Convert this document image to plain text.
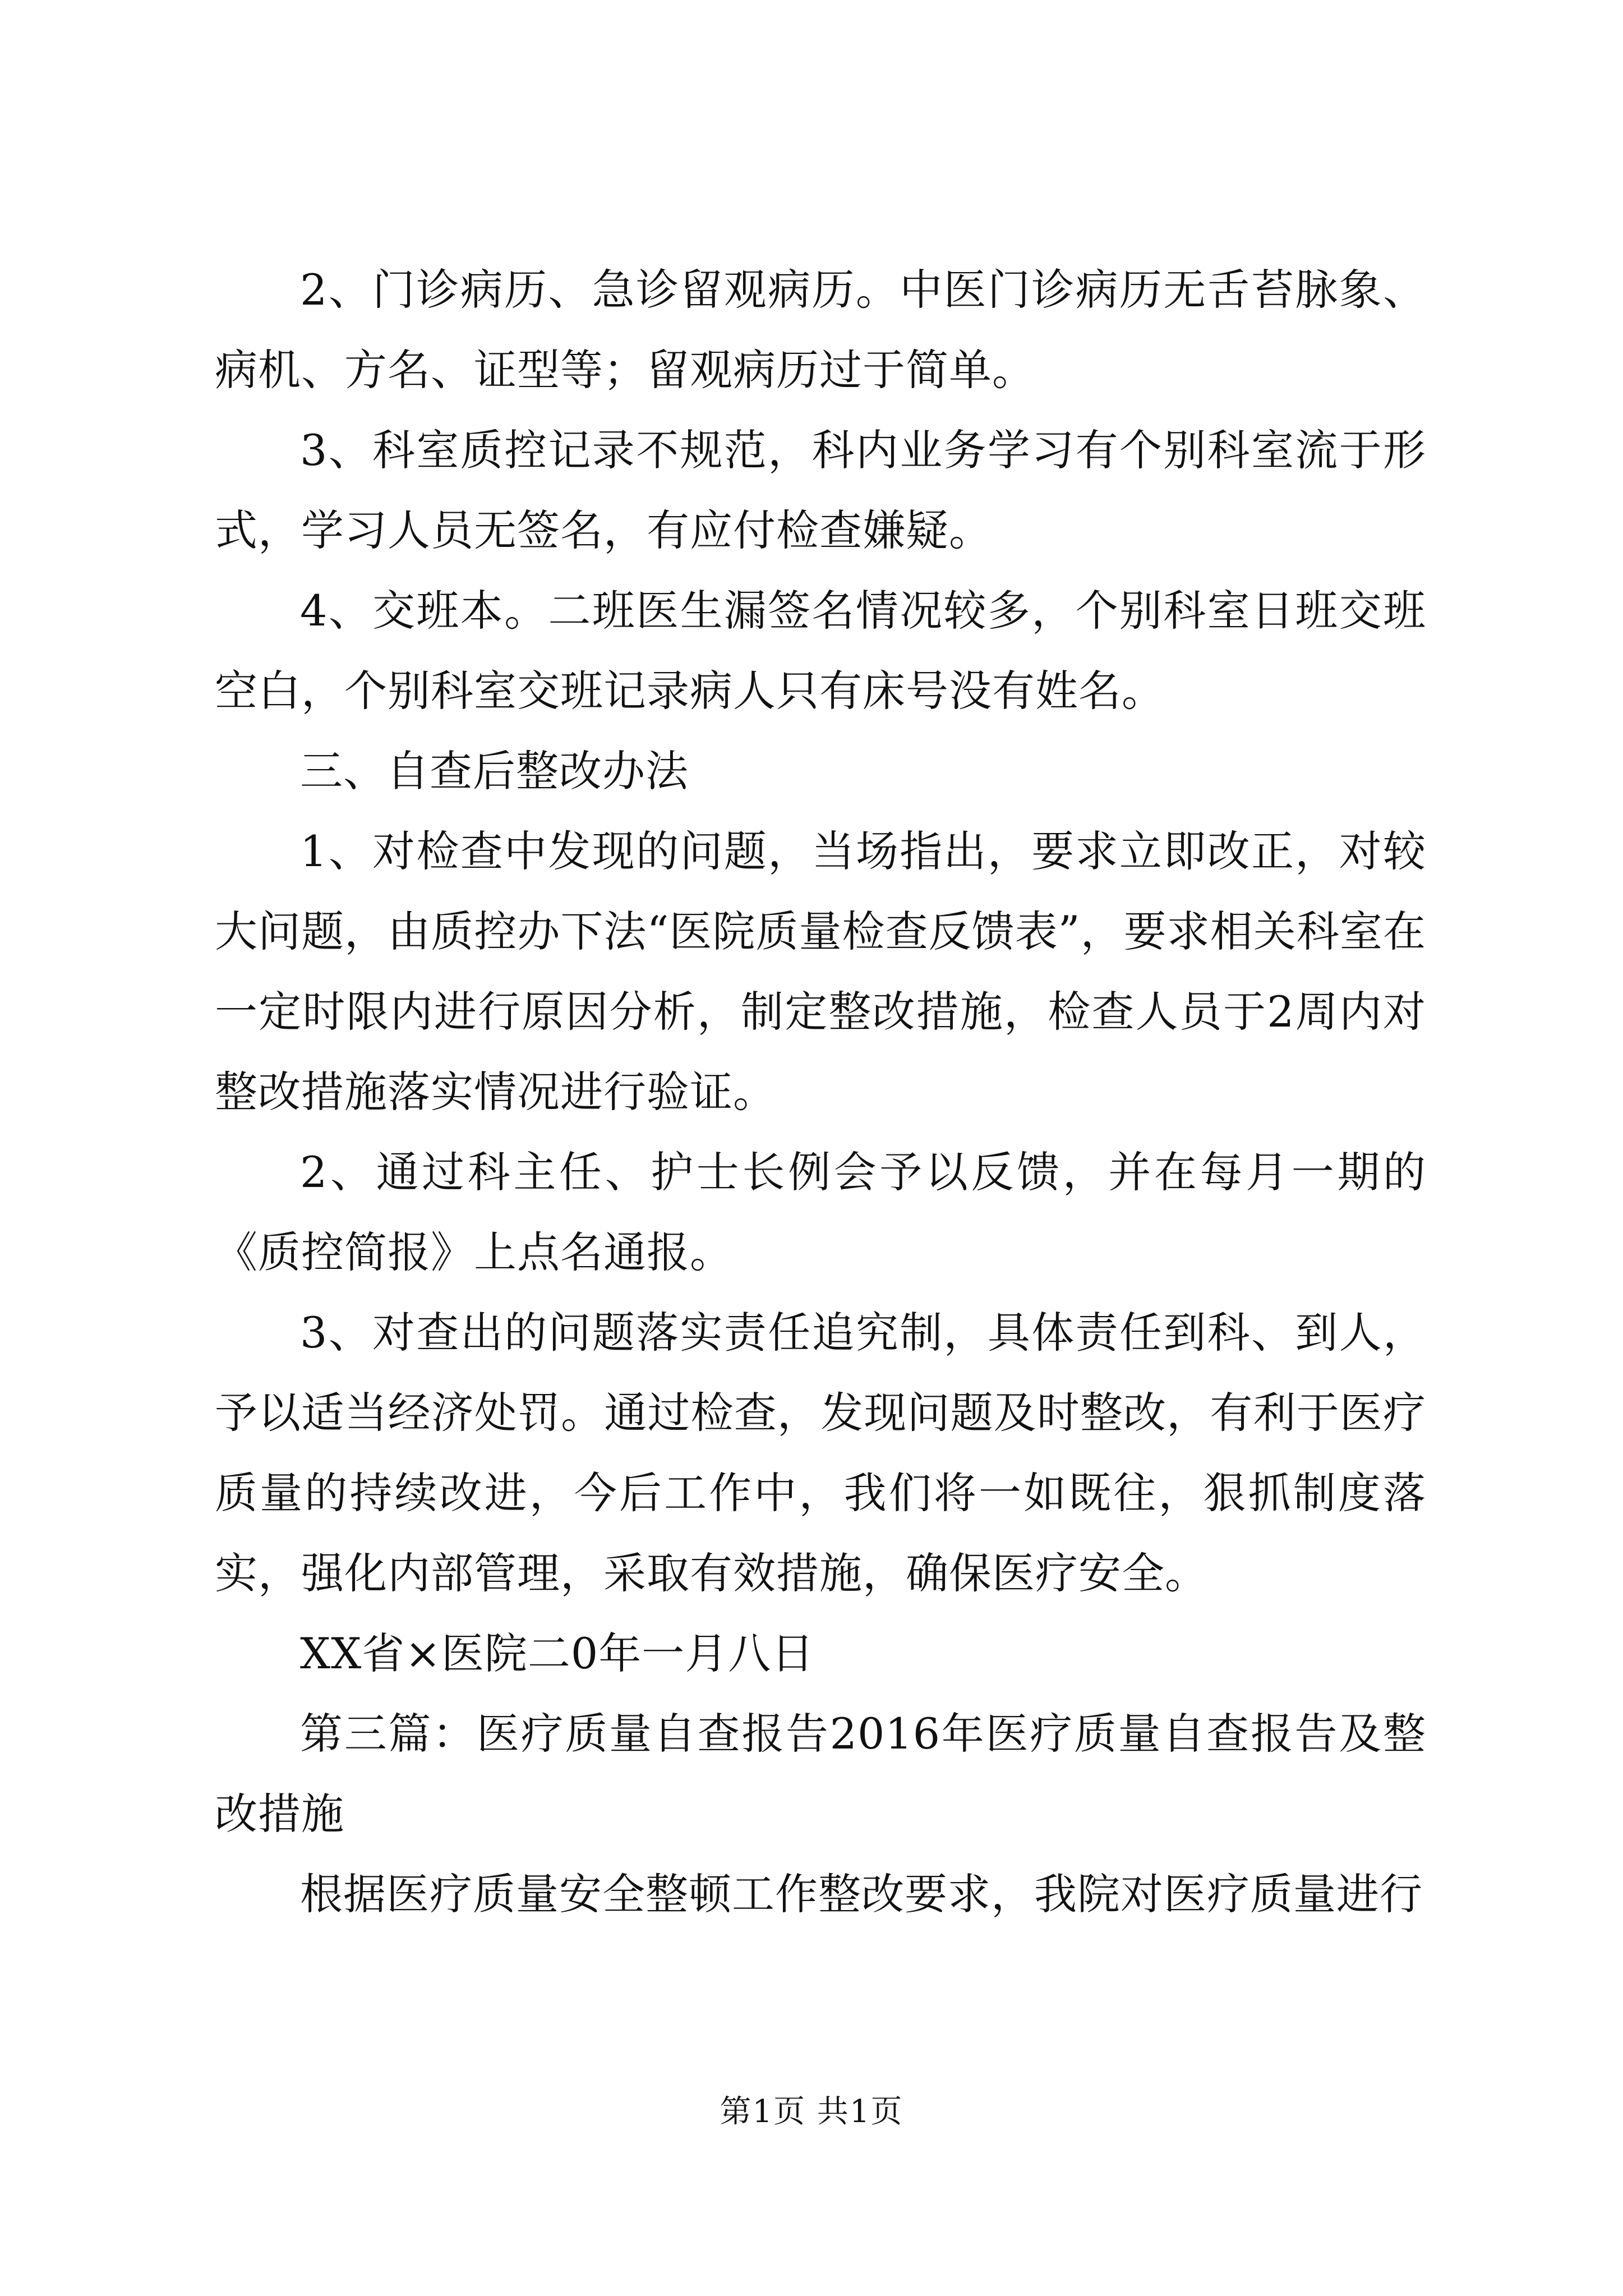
2、门诊病历、急诊留观病历。中医门诊病历无舌苔脉象、病机、方名、证型等；留观病历过于简单。

3、科室质控记录不规范，科内业务学习有个别科室流于形式，学习人员无签名，有应付检查嫌疑。

4、交班本。二班医生漏签名情况较多，个别科室日班交班空白，个别科室交班记录病人只有床号没有姓名。

三、自查后整改办法

1、对检查中发现的问题，当场指出，要求立即改正，对较大问题，由质控办下法“医院质量检查反馈表”，要求相关科室在一定时限内进行原因分析，制定整改措施，检查人员于2周内对整改措施落实情况进行验证。

2、通过科主任、护士长例会予以反馈，并在每月一期的《质控简报》上点名通报。

3、对查出的问题落实责任追究制，具体责任到科、到人，予以适当经济处罚。通过检查，发现问题及时整改，有利于医疗质量的持续改进，今后工作中，我们将一如既往，狠抓制度落实，强化内部管理，采取有效措施，确保医疗安全。

XX省×医院二0年一月八日

第三篇：医疗质量自查报告2016年医疗质量自查报告及整改措施

根据医疗质量安全整顿工作整改要求，我院对医疗质量进行

第1页 共1页
